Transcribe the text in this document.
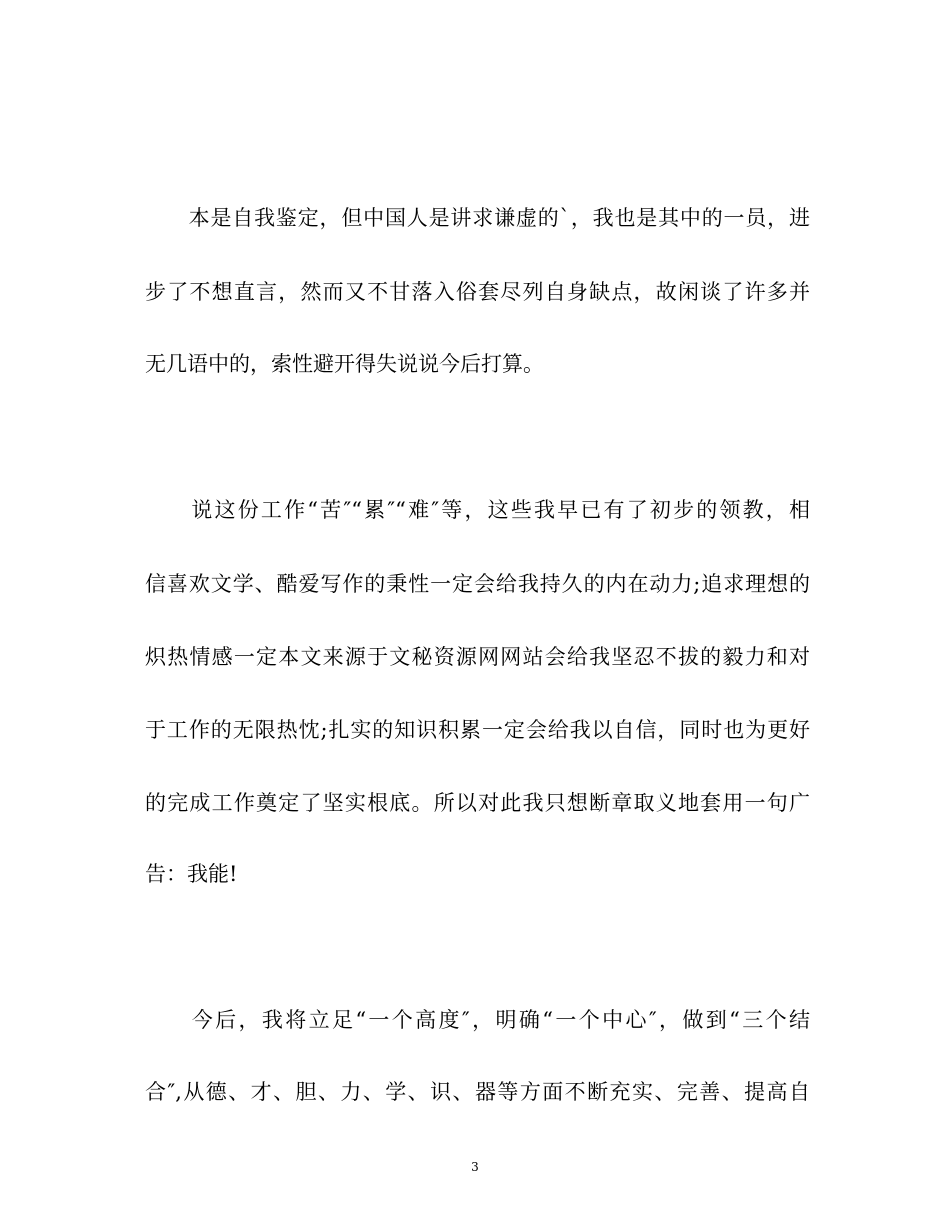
　　本是自我鉴定，但中国人是讲求谦虚的`，我也是其中的一员，进
步了不想直言，然而又不甘落入俗套尽列自身缺点，故闲谈了许多并
无几语中的，索性避开得失说说今后打算。
　　说这份工作“苦″“累″“难″等，这些我早已有了初步的领教，相
信喜欢文学、酷爱写作的秉性一定会给我持久的内在动力;追求理想的
炽热情感一定本文来源于文秘资源网网站会给我坚忍不拔的毅力和对
于工作的无限热忱;扎实的知识积累一定会给我以自信，同时也为更好
的完成工作奠定了坚实根底。所以对此我只想断章取义地套用一句广
告：我能!
　　今后，我将立足“一个高度″，明确“一个中心″，做到“三个结
合″,从德、才、胆、力、学、识、器等方面不断充实、完善、提高自
3
